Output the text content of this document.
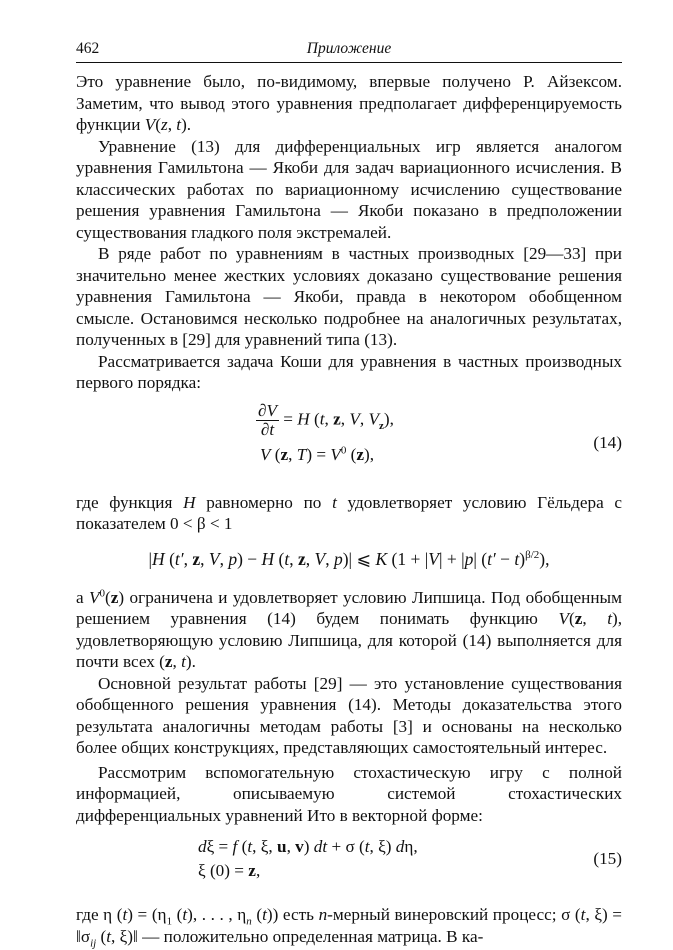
Приложение
462

Это уравнение было, по-видимому, впервые получено Р. Айзексом. Заметим, что вывод этого уравнения предполагает дифференцируемость функции V(z, t).

Уравнение (13) для дифференциальных игр является аналогом уравнения Гамильтона — Якоби для задач вариационного исчисления. В классических работах по вариационному исчислению существование решения уравнения Гамильтона — Якоби показано в предположении существования гладкого поля экстремалей.

В ряде работ по уравнениям в частных производных [29—33] при значительно менее жестких условиях доказано существование решения уравнения Гамильтона — Якоби, правда в некотором обобщенном смысле. Остановимся несколько подробнее на аналогичных результатах, полученных в [29] для уравнений типа (13).

Рассматривается задача Коши для уравнения в частных производных первого порядка:

$\frac{\partial V}{\partial t} = H$ (t, z, V, $V_z$),
V (z, $T) = V^0$ (z),
(14)

где функция H равномерно по t удовлетворяет условию Гёльдера с показателем 0 < β < 1

|H (t′, z, V, p) − H (t, z, V, p)| ⩽ K (1 + |V| + |p| $(t' - t)^{\beta/2}$),

а $V^0(z)$ ограничена и удовлетворяет условию Липшица. Под обобщенным решением уравнения (14) будем понимать функцию V(z, t), удовлетворяющую условию Липшица, для которой (14) выполняется для почти всех (z, t).

Основной результат работы [29] — это установление существования обобщенного решения уравнения (14). Методы доказательства этого результата аналогичны методам работы [3] и основаны на несколько более общих конструкциях, представляющих самостоятельный интерес.

Рассмотрим вспомогательную стохастическую игру с полной информацией, описываемую системой стохастических дифференциальных уравнений Ито в векторной форме:

dξ = f (t, ξ, u, v) dt + σ (t, ξ) dη,
ξ (0) = z,
(15)

где η $(t) = (\eta_1$ (t), . . . , $\eta_n$ (t)) есть n-мерный винеровский процесс; σ (t, $\xi) = ‖\sigma_{ij}$ (t, ξ)‖ — положительно определенная матрица. В ка-
